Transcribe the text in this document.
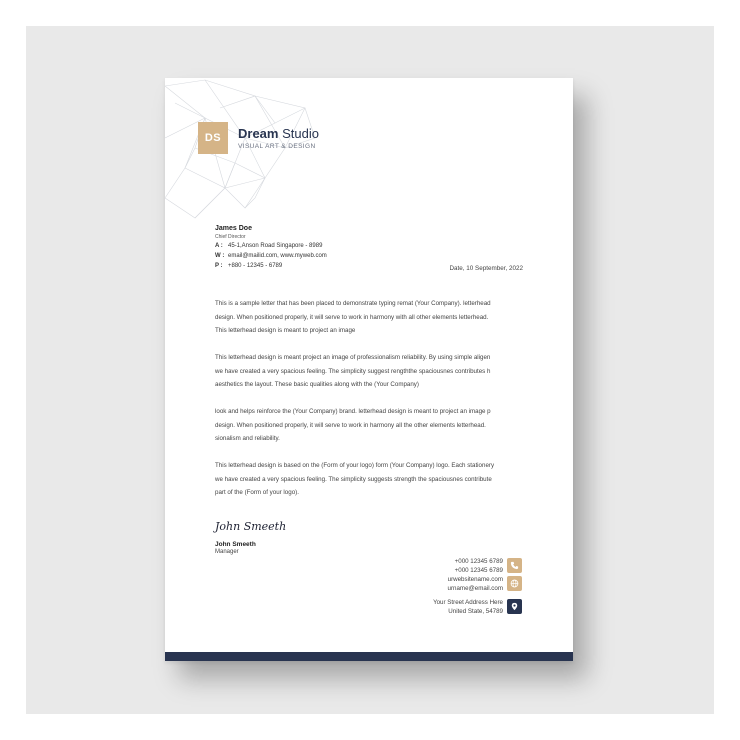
DS	Dream Studio
VISUAL ART & DESIGN
James Doe
Chief Director
A : 45-1,Anson Road Singapore - 8989
W : email@mailid.com, www.myweb.com
P : +880 - 12345 - 6789	Date, 10 September, 2022

This is a sample letter that has been placed to demonstrate typing remat (Your Company). letterhead
design. When positioned properly, it will serve to work in harmony with all other elements letterhead.
This letterhead design is meant to project an image

This letterhead design is meant project an image of professionalism reliability. By using simple aligen
we have created a very spacious feeling. The simplicity suggest rengththe spaciousnes contributes h
aesthetics the layout. These basic qualities along with the (Your Company)

look and helps reinforce the (Your Company) brand. letterhead design is meant to project an image p
design. When positioned properly, it will serve to work in harmony all the other elements letterhead.
sionalism and reliability.

This letterhead design is based on the (Form of your logo) form (Your Company) logo. Each stationery
we have created a very spacious feeling. The simplicity suggests strength the spaciousnes contribute
part of the (Form of your logo).

John Smeeth
John Smeeth
Manager
+000 12345 6789
+000 12345 6789
urwebsitename.com
urname@email.com
Your Street Address Here
United State, 54789
